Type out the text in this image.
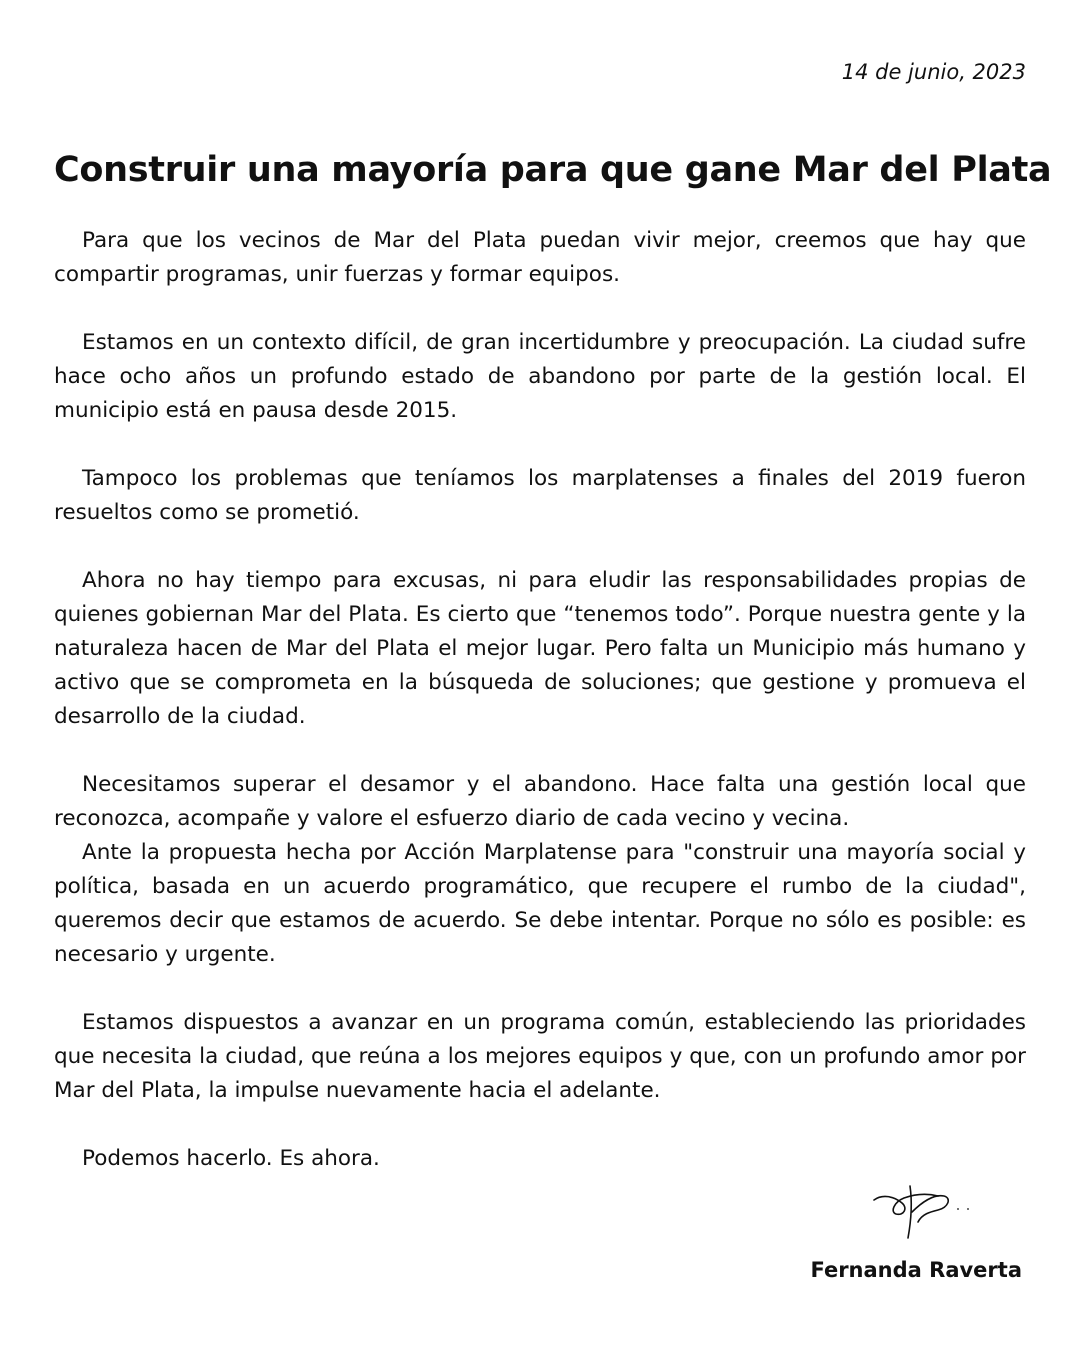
14 de junio, 2023

Construir una mayoría para que gane Mar del Plata

Para que los vecinos de Mar del Plata puedan vivir mejor, creemos que hay que compartir programas, unir fuerzas y formar equipos.

Estamos en un contexto difícil, de gran incertidumbre y preocupación. La ciudad sufre hace ocho años un profundo estado de abandono por parte de la gestión local. El municipio está en pausa desde 2015.

Tampoco los problemas que teníamos los marplatenses a finales del 2019 fueron resueltos como se prometió.

Ahora no hay tiempo para excusas, ni para eludir las responsabilidades propias de quienes gobiernan Mar del Plata. Es cierto que “tenemos todo”. Porque nuestra gente y la naturaleza hacen de Mar del Plata el mejor lugar. Pero falta un Municipio más humano y activo que se comprometa en la búsqueda de soluciones; que gestione y promueva el desarrollo de la ciudad.

Necesitamos superar el desamor y el abandono. Hace falta una gestión local que reconozca, acompañe y valore el esfuerzo diario de cada vecino y vecina.

Ante la propuesta hecha por Acción Marplatense para "construir una mayoría social y política, basada en un acuerdo programático, que recupere el rumbo de la ciudad", queremos decir que estamos de acuerdo. Se debe intentar. Porque no sólo es posible: es necesario y urgente.

Estamos dispuestos a avanzar en un programa común, estableciendo las prioridades que necesita la ciudad, que reúna a los mejores equipos y que, con un profundo amor por Mar del Plata, la impulse nuevamente hacia el adelante.

Podemos hacerlo. Es ahora.

Fernanda Raverta
